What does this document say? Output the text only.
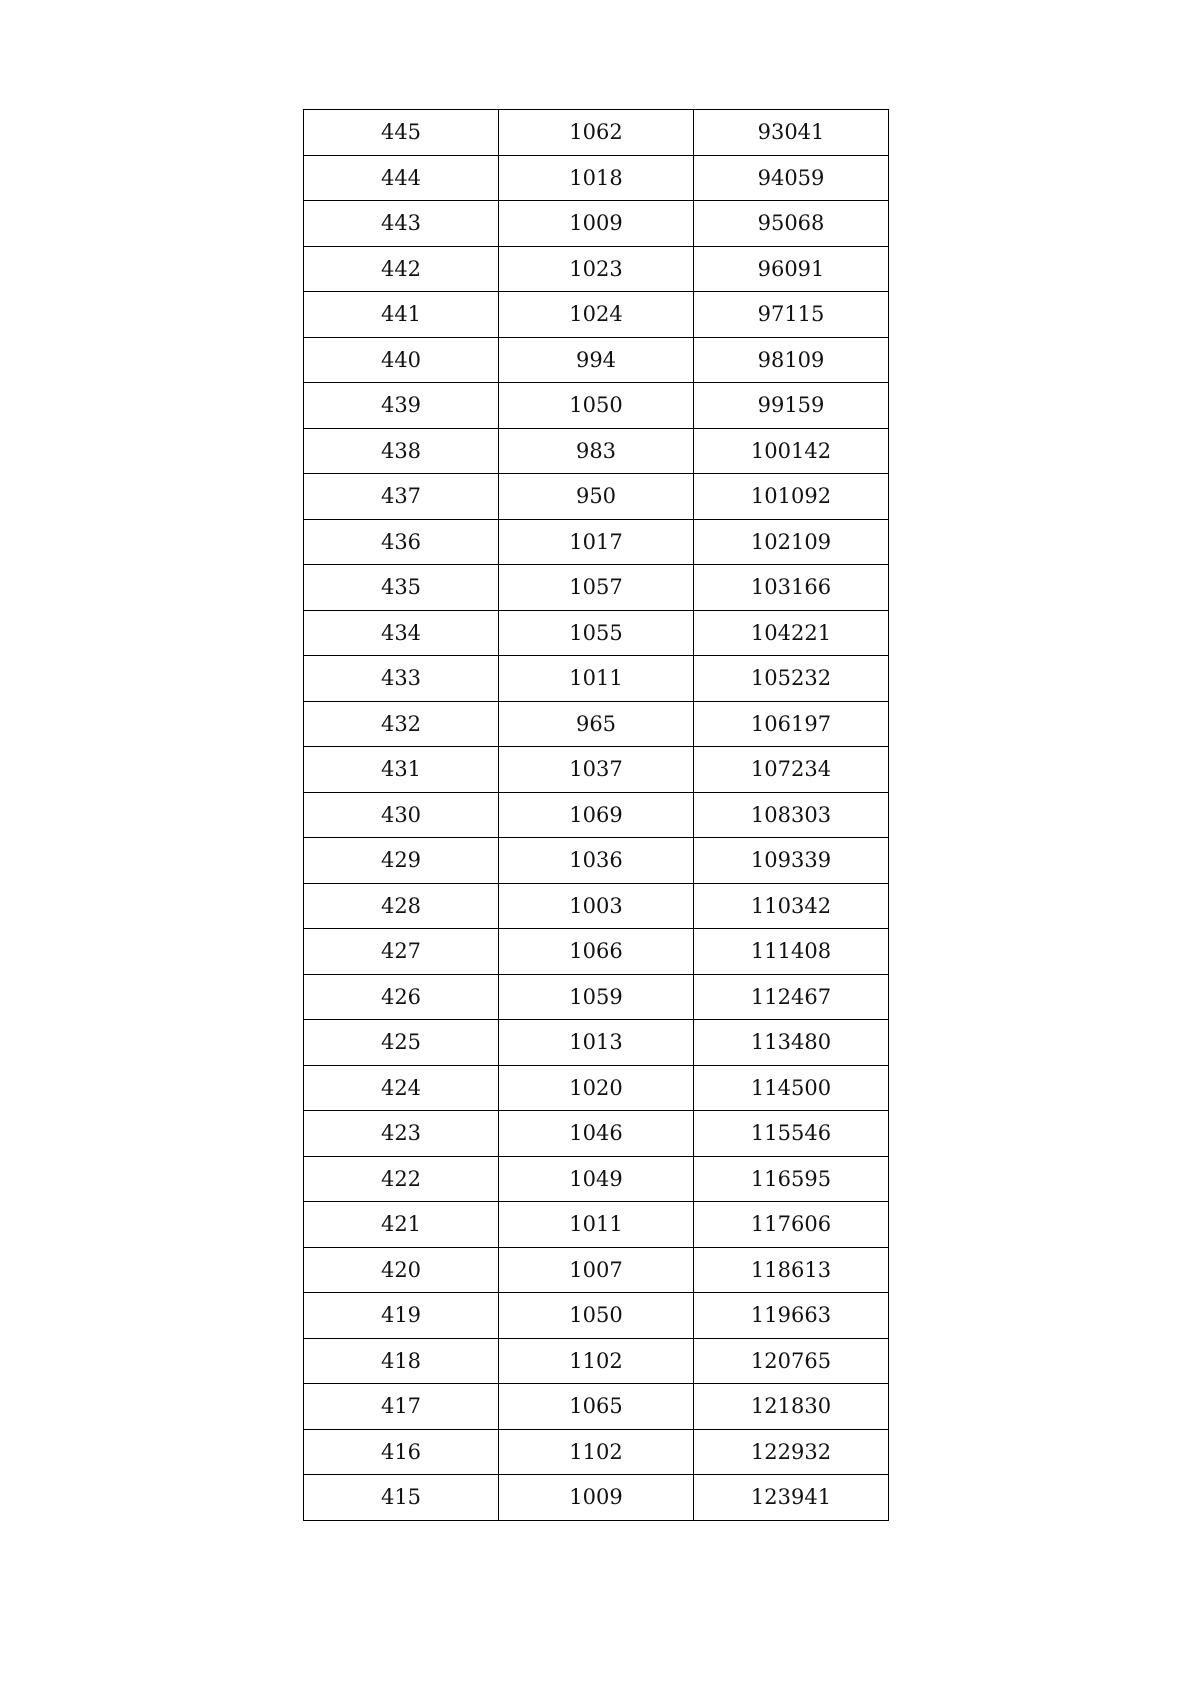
445	1062	93041
444	1018	94059
443	1009	95068
442	1023	96091
441	1024	97115
440	994	98109
439	1050	99159
438	983	100142
437	950	101092
436	1017	102109
435	1057	103166
434	1055	104221
433	1011	105232
432	965	106197
431	1037	107234
430	1069	108303
429	1036	109339
428	1003	110342
427	1066	111408
426	1059	112467
425	1013	113480
424	1020	114500
423	1046	115546
422	1049	116595
421	1011	117606
420	1007	118613
419	1050	119663
418	1102	120765
417	1065	121830
416	1102	122932
415	1009	123941
